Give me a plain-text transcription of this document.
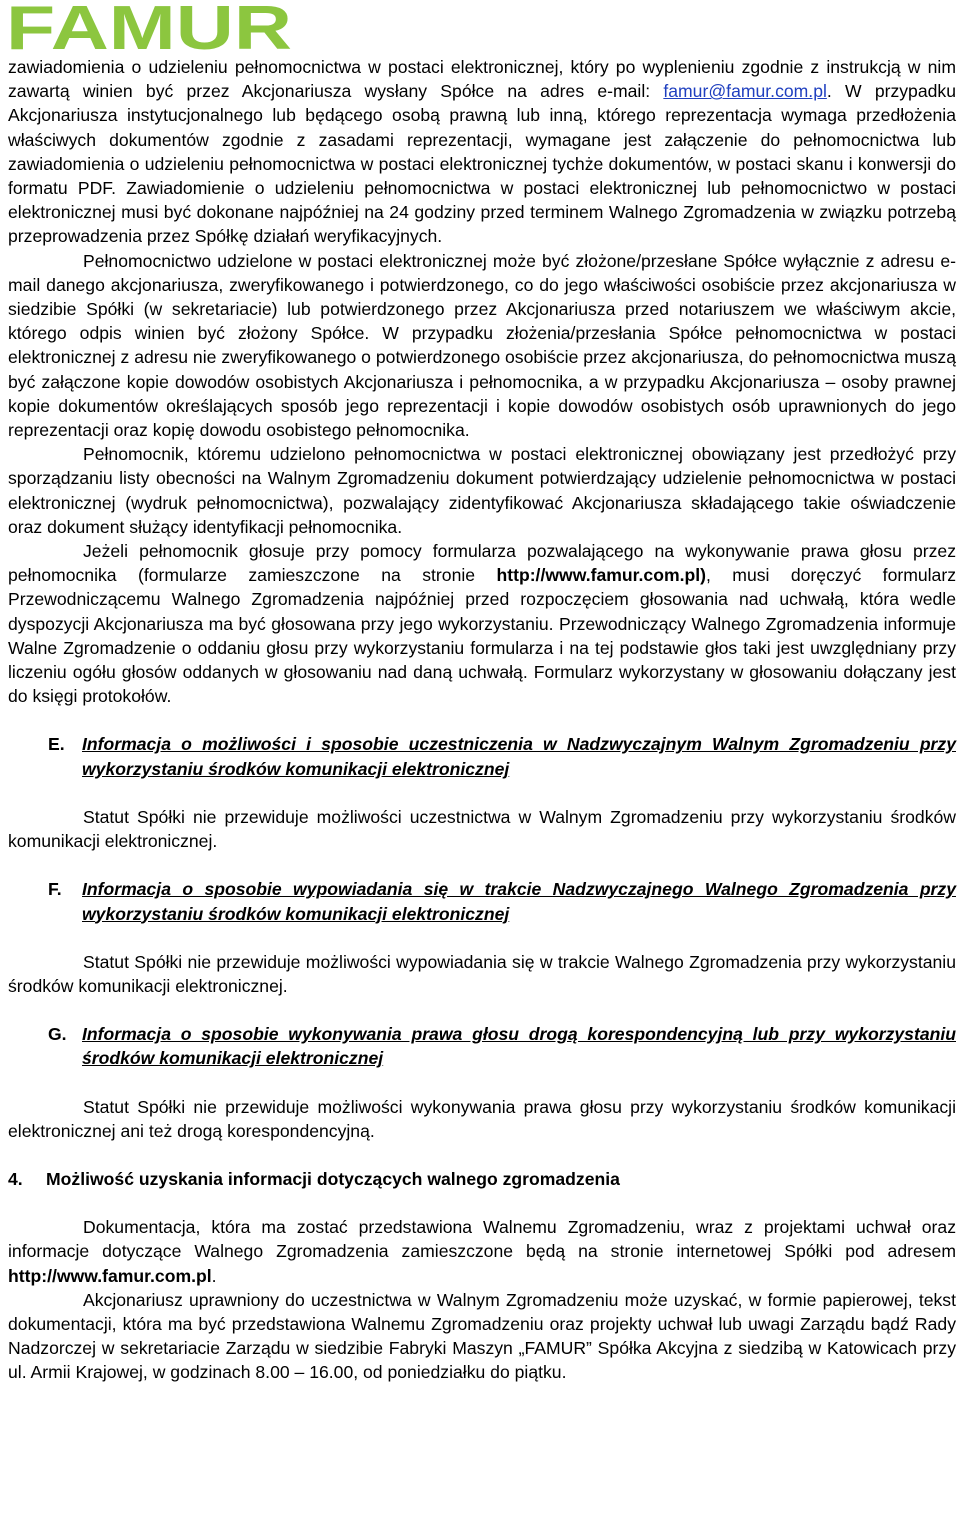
FAMUR

zawiadomienia o udzieleniu pełnomocnictwa w postaci elektronicznej, który po wyplenieniu zgodnie z instrukcją w nim zawartą winien być przez Akcjonariusza wysłany Spółce na adres e-mail: famur@famur.com.pl. W przypadku Akcjonariusza instytucjonalnego lub będącego osobą prawną lub inną, którego reprezentacja wymaga przedłożenia właściwych dokumentów zgodnie z zasadami reprezentacji, wymagane jest załączenie do pełnomocnictwa lub zawiadomienia o udzieleniu pełnomocnictwa w postaci elektronicznej tychże dokumentów, w postaci skanu i konwersji do formatu PDF. Zawiadomienie o udzieleniu pełnomocnictwa w postaci elektronicznej lub pełnomocnictwo w postaci elektronicznej musi być dokonane najpóźniej na 24 godziny przed terminem Walnego Zgromadzenia w związku potrzebą przeprowadzenia przez Spółkę działań weryfikacyjnych.

Pełnomocnictwo udzielone w postaci elektronicznej może być złożone/przesłane Spółce wyłącznie z adresu e-mail danego akcjonariusza, zweryfikowanego i potwierdzonego, co do jego właściwości osobiście przez akcjonariusza w siedzibie Spółki (w sekretariacie) lub potwierdzonego przez Akcjonariusza przed notariuszem we właściwym akcie, którego odpis winien być złożony Spółce. W przypadku złożenia/przesłania Spółce pełnomocnictwa w postaci elektronicznej z adresu nie zweryfikowanego o potwierdzonego osobiście przez akcjonariusza, do pełnomocnictwa muszą być załączone kopie dowodów osobistych Akcjonariusza i pełnomocnika, a w przypadku Akcjonariusza – osoby prawnej kopie dokumentów określających sposób jego reprezentacji i kopie dowodów osobistych osób uprawnionych do jego reprezentacji oraz kopię dowodu osobistego pełnomocnika.

Pełnomocnik, któremu udzielono pełnomocnictwa w postaci elektronicznej obowiązany jest przedłożyć przy sporządzaniu listy obecności na Walnym Zgromadzeniu dokument potwierdzający udzielenie pełnomocnictwa w postaci elektronicznej (wydruk pełnomocnictwa), pozwalający zidentyfikować Akcjonariusza składającego takie oświadczenie oraz dokument służący identyfikacji pełnomocnika.

Jeżeli pełnomocnik głosuje przy pomocy formularza pozwalającego na wykonywanie prawa głosu przez pełnomocnika (formularze zamieszczone na stronie http://www.famur.com.pl), musi doręczyć formularz Przewodniczącemu Walnego Zgromadzenia najpóźniej przed rozpoczęciem głosowania nad uchwałą, która wedle dyspozycji Akcjonariusza ma być głosowana przy jego wykorzystaniu. Przewodniczący Walnego Zgromadzenia informuje Walne Zgromadzenie o oddaniu głosu przy wykorzystaniu formularza i na tej podstawie głos taki jest uwzględniany przy liczeniu ogółu głosów oddanych w głosowaniu nad daną uchwałą. Formularz wykorzystany w głosowaniu dołączany jest do księgi protokołów.

E. Informacja o możliwości i sposobie uczestniczenia w Nadzwyczajnym Walnym Zgromadzeniu przy wykorzystaniu środków komunikacji elektronicznej

Statut Spółki nie przewiduje możliwości uczestnictwa w Walnym Zgromadzeniu przy wykorzystaniu środków komunikacji elektronicznej.

F.	Informacja o sposobie wypowiadania się w trakcie Nadzwyczajnego Walnego Zgromadzenia przy wykorzystaniu środków komunikacji elektronicznej

Statut Spółki nie przewiduje możliwości wypowiadania się w trakcie Walnego Zgromadzenia przy wykorzystaniu środków komunikacji elektronicznej.

G. Informacja o sposobie wykonywania prawa głosu drogą korespondencyjną lub przy wykorzystaniu środków komunikacji elektronicznej

Statut Spółki nie przewiduje możliwości wykonywania prawa głosu przy wykorzystaniu środków komunikacji elektronicznej ani też drogą korespondencyjną.

4.	Możliwość uzyskania informacji dotyczących walnego zgromadzenia

Dokumentacja, która ma zostać przedstawiona Walnemu Zgromadzeniu, wraz z projektami uchwał oraz informacje dotyczące Walnego Zgromadzenia zamieszczone będą na stronie internetowej Spółki pod adresem http://www.famur.com.pl.

Akcjonariusz uprawniony do uczestnictwa w Walnym Zgromadzeniu może uzyskać, w formie papierowej, tekst dokumentacji, która ma być przedstawiona Walnemu Zgromadzeniu oraz projekty uchwał lub uwagi Zarządu bądź Rady Nadzorczej w sekretariacie Zarządu w siedzibie Fabryki Maszyn „FAMUR” Spółka Akcyjna z siedzibą w Katowicach przy ul. Armii Krajowej, w godzinach 8.00 – 16.00, od poniedziałku do piątku.
